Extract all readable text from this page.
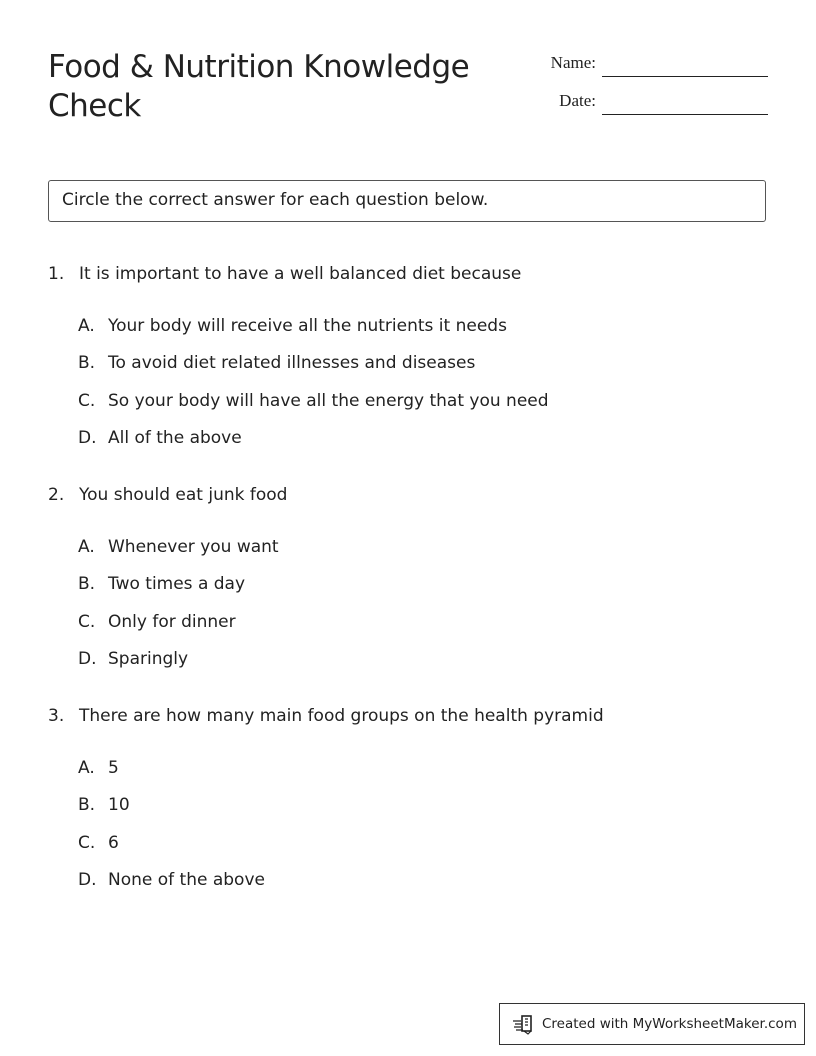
Food & Nutrition Knowledge Check
Name:
Date:
Circle the correct answer for each question below.
1. It is important to have a well balanced diet because
A. Your body will receive all the nutrients it needs
B. To avoid diet related illnesses and diseases
C. So your body will have all the energy that you need
D. All of the above
2. You should eat junk food
A. Whenever you want
B. Two times a day
C. Only for dinner
D. Sparingly
3. There are how many main food groups on the health pyramid
A. 5
B. 10
C. 6
D. None of the above
Created with MyWorksheetMaker.com
